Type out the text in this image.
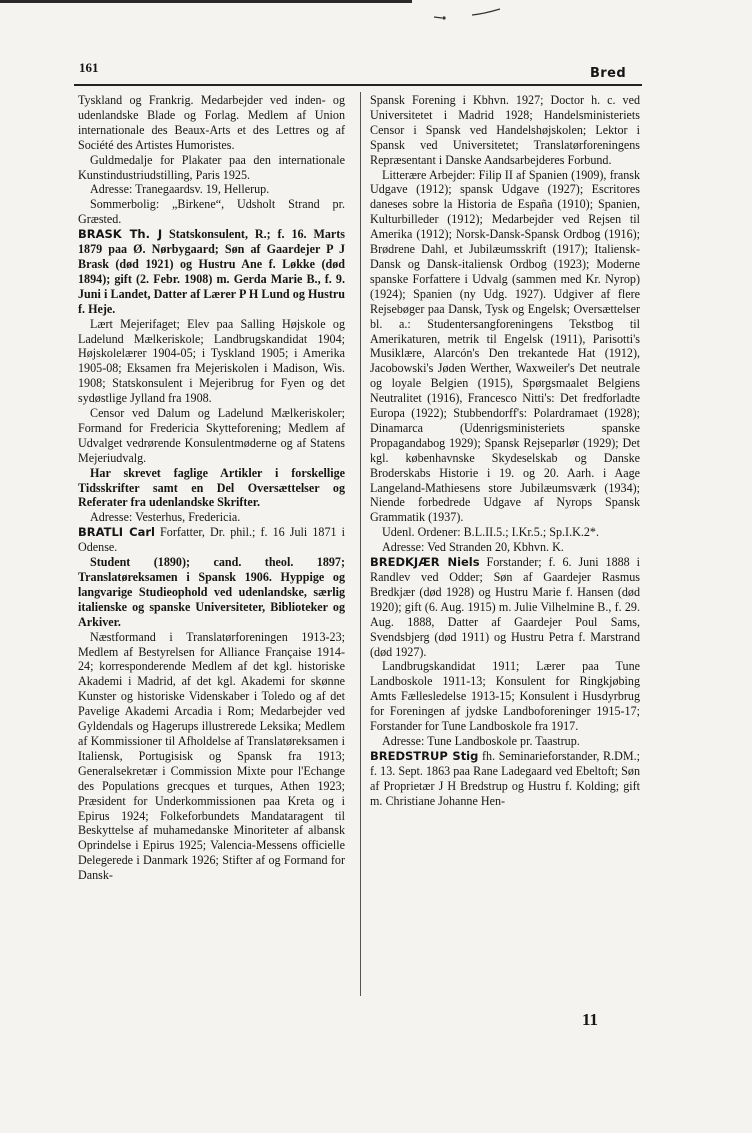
161	Bred

Tyskland og Frankrig. Medarbejder ved inden- og udenlandske Blade og Forlag. Medlem af Union internationale des Beaux-Arts et des Lettres og af Société des Artistes Humoristes.

Guldmedalje for Plakater paa den internationale Kunstindustriudstilling, Paris 1925.

Adresse: Tranegaardsv. 19, Hellerup.

Sommerbolig: „Birkene“, Udsholt Strand pr. Græsted.

BRASK Th. J Statskonsulent, R.; f. 16. Marts 1879 paa Ø. Nørbygaard; Søn af Gaardejer P J Brask (død 1921) og Hustru Ane f. Løkke (død 1894); gift (2. Febr. 1908) m. Gerda Marie B., f. 9. Juni i Landet, Datter af Lærer P H Lund og Hustru f. Heje.

Lært Mejerifaget; Elev paa Salling Højskole og Ladelund Mælkeriskole; Landbrugskandidat 1904; Højskolelærer 1904-05; i Tyskland 1905; i Amerika 1905-08; Eksamen fra Mejeriskolen i Madison, Wis. 1908; Statskonsulent i Mejeribrug for Fyen og det sydøstlige Jylland fra 1908.

Censor ved Dalum og Ladelund Mælkeriskoler; Formand for Fredericia Skytteforening; Medlem af Udvalget vedrørende Konsulentmøderne og af Statens Mejeriudvalg.

Har skrevet faglige Artikler i forskellige Tidsskrifter samt en Del Oversættelser og Referater fra udenlandske Skrifter.

Adresse: Vesterhus, Fredericia.

BRATLI Carl Forfatter, Dr. phil.; f. 16 Juli 1871 i Odense.

Student (1890); cand. theol. 1897; Translatøreksamen i Spansk 1906. Hyppige og langvarige Studieophold ved udenlandske, særlig italienske og spanske Universiteter, Biblioteker og Arkiver.

Næstformand i Translatørforeningen 1913-23; Medlem af Bestyrelsen for Alliance Française 1914-24; korresponderende Medlem af det kgl. historiske Akademi i Madrid, af det kgl. Akademi for skønne Kunster og historiske Videnskaber i Toledo og af det Pavelige Akademi Arcadia i Rom; Medarbejder ved Gyldendals og Hagerups illustrerede Leksika; Medlem af Kommissioner til Afholdelse af Translatøreksamen i Italiensk, Portugisisk og Spansk fra 1913; Generalsekretær i Commission Mixte pour l'Echange des Populations grecques et turques, Athen 1923; Præsident for Underkommissionen paa Kreta og i Epirus 1924; Folkeforbundets Mandataragent til Beskyttelse af muhamedanske Minoriteter af albansk Oprindelse i Epirus 1925; Valencia-Messens officielle Delegerede i Danmark 1926; Stifter af og Formand for Dansk-

Spansk Forening i Kbhvn. 1927; Doctor h. c. ved Universitetet i Madrid 1928; Handelsministeriets Censor i Spansk ved Handelshøjskolen; Lektor i Spansk ved Universitetet; Translatørforeningens Repræsentant i Danske Aandsarbejderes Forbund.

Litterære Arbejder: Filip II af Spanien (1909), fransk Udgave (1912); spansk Udgave (1927); Escritores daneses sobre la Historia de España (1910); Spanien, Kulturbilleder (1912); Medarbejder ved Rejsen til Amerika (1912); Norsk-Dansk-Spansk Ordbog (1916); Brødrene Dahl, et Jubilæumsskrift (1917); Italiensk-Dansk og Dansk-italiensk Ordbog (1923); Moderne spanske Forfattere i Udvalg (sammen med Kr. Nyrop) (1924); Spanien (ny Udg. 1927). Udgiver af flere Rejsebøger paa Dansk, Tysk og Engelsk; Oversættelser bl. a.: Studentersangforeningens Tekstbog til Amerikaturen, metrik til Engelsk (1911), Parisotti's Musiklære, Alarcón's Den trekantede Hat (1912), Jacobowski's Jøden Werther, Waxweiler's Det neutrale og loyale Belgien (1915), Spørgsmaalet Belgiens Neutralitet (1916), Francesco Nitti's: Det fredforladte Europa (1922); Stubbendorff's: Polardramaet (1928); Dinamarca (Udenrigsministeriets spanske Propagandabog 1929); Spansk Rejseparlør (1929); Det kgl. københavnske Skydeselskab og Danske Broderskabs Historie i 19. og 20. Aarh. i Aage Langeland-Mathiesens store Jubilæumsværk (1934); Niende forbedrede Udgave af Nyrops Spansk Grammatik (1937).

Udenl. Ordener: B.L.II.5.; I.Kr.5.; Sp.I.K.2*.

Adresse: Ved Stranden 20, Kbhvn. K.

BREDKJÆR Niels Forstander; f. 6. Juni 1888 i Randlev ved Odder; Søn af Gaardejer Rasmus Bredkjær (død 1928) og Hustru Marie f. Hansen (død 1920); gift (6. Aug. 1915) m. Julie Vilhelmine B., f. 29. Aug. 1888, Datter af Gaardejer Poul Sams, Svendsbjerg (død 1911) og Hustru Petra f. Marstrand (død 1927).

Landbrugskandidat 1911; Lærer paa Tune Landboskole 1911-13; Konsulent for Ringkjøbing Amts Fællesledelse 1913-15; Konsulent i Husdyrbrug for Foreningen af jydske Landboforeninger 1915-17; Forstander for Tune Landboskole fra 1917.

Adresse: Tune Landboskole pr. Taastrup.

BREDSTRUP Stig fh. Seminarieforstander, R.DM.; f. 13. Sept. 1863 paa Rane Ladegaard ved Ebeltoft; Søn af Proprietær J H Bredstrup og Hustru f. Kolding; gift m. Christiane Johanne Hen-

11
